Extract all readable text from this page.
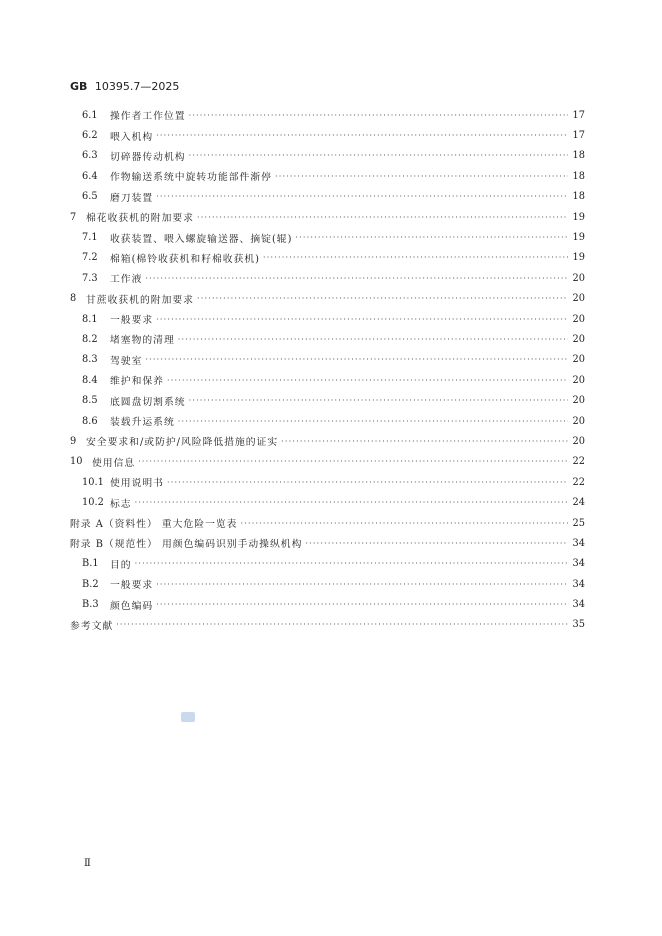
GB 10395.7—2025
6.1	操作者工作位置 ·····	17
6.2	喂入机构 ·····	17
6.3	切碎器传动机构 ·····	18
6.4	作物输送系统中旋转功能部件渐停 ·····	18
6.5	磨刀装置 ·····	18
7 棉花收获机的附加要求 ·····	19
7.1	收获装置、喂入螺旋输送器、摘锭(辊) ·····	19
7.2	棉箱(棉铃收获机和籽棉收获机) ·····	19
7.3	工作液 ·····	20
8 甘蔗收获机的附加要求 ·····	20
8.1	一般要求 ·····	20
8.2	堵塞物的清理 ·····	20
8.3	驾驶室 ·····	20
8.4	维护和保养 ·····	20
8.5	底圆盘切割系统 ·····	20
8.6	装载升运系统 ·····	20
9 安全要求和/或防护/风险降低措施的证实 ·····	20
10 使用信息 ·····	22
10.1 使用说明书 ·····	22
10.2 标志 ·····	24
附录 A（资料性） 重大危险一览表 ·····	25
附录 B（规范性） 用颜色编码识别手动操纵机构 ·····	34
B.1	目的 ·····	34
B.2	一般要求 ·····	34
B.3	颜色编码 ·····	34
参考文献 ·····	35
Ⅱ
